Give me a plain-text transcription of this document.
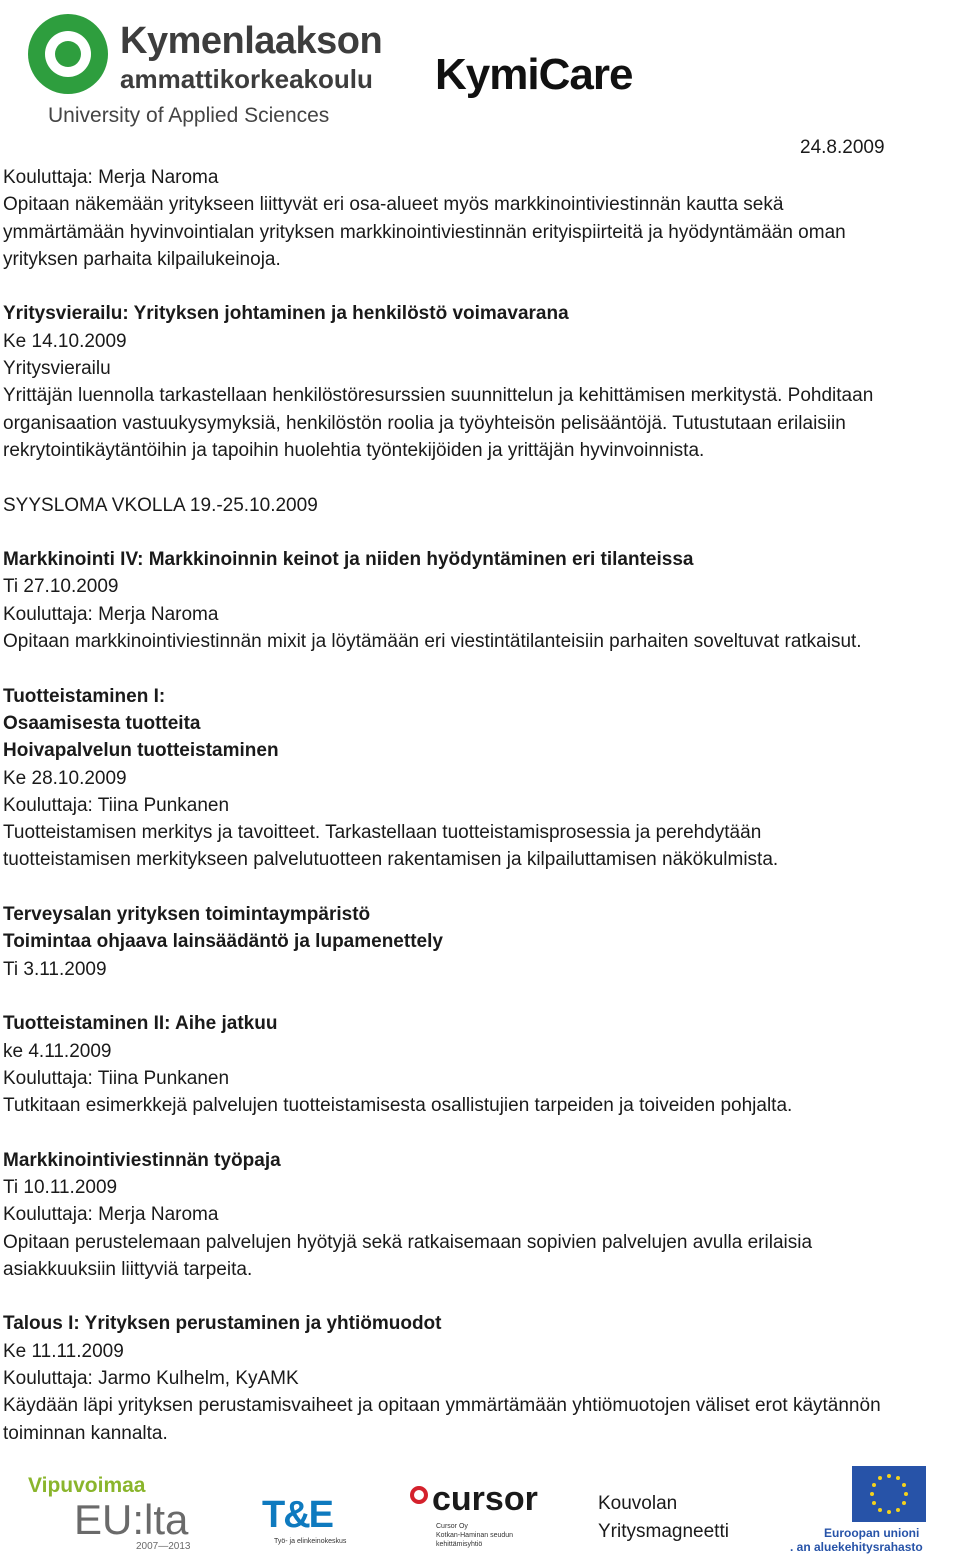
Kymenlaakson
ammattikorkeakoulu
University of Applied Sciences
KymiCare
24.8.2009

Kouluttaja: Merja Naroma

Opitaan näkemään yritykseen liittyvät eri osa-alueet myös markkinointiviestinnän kautta sekä

ymmärtämään hyvinvointialan yrityksen markkinointiviestinnän erityispiirteitä ja hyödyntämään oman

yrityksen parhaita kilpailukeinoja.

Yritysvierailu: Yrityksen johtaminen ja henkilöstö voimavarana

Ke 14.10.2009

Yritysvierailu

Yrittäjän luennolla tarkastellaan henkilöstöresurssien suunnittelun ja kehittämisen merkitystä. Pohditaan

organisaation vastuukysymyksiä, henkilöstön roolia ja työyhteisön pelisääntöjä. Tutustutaan erilaisiin

rekrytointikäytäntöihin ja tapoihin huolehtia työntekijöiden ja yrittäjän hyvinvoinnista.

SYYSLOMA VKOLLA 19.-25.10.2009

Markkinointi IV: Markkinoinnin keinot ja niiden hyödyntäminen eri tilanteissa

Ti 27.10.2009

Kouluttaja: Merja Naroma

Opitaan markkinointiviestinnän mixit ja löytämään eri viestintätilanteisiin parhaiten soveltuvat ratkaisut.

Tuotteistaminen I:

Osaamisesta tuotteita

Hoivapalvelun tuotteistaminen

Ke 28.10.2009

Kouluttaja: Tiina Punkanen

Tuotteistamisen merkitys ja tavoitteet. Tarkastellaan tuotteistamisprosessia ja perehdytään

tuotteistamisen merkitykseen palvelutuotteen rakentamisen ja kilpailuttamisen näkökulmista.

Terveysalan yrityksen toimintaympäristö

Toimintaa ohjaava lainsäädäntö ja lupamenettely

Ti 3.11.2009

Tuotteistaminen II: Aihe jatkuu

ke 4.11.2009

Kouluttaja: Tiina Punkanen

Tutkitaan esimerkkejä palvelujen tuotteistamisesta osallistujien tarpeiden ja toiveiden pohjalta.

Markkinointiviestinnän työpaja

Ti 10.11.2009

Kouluttaja: Merja Naroma

Opitaan perustelemaan palvelujen hyötyjä sekä ratkaisemaan sopivien palvelujen avulla erilaisia

asiakkuuksiin liittyviä tarpeita.

Talous I: Yrityksen perustaminen ja yhtiömuodot

Ke 11.11.2009

Kouluttaja: Jarmo Kulhelm, KyAMK

Käydään läpi yrityksen perustamisvaiheet ja opitaan ymmärtämään yhtiömuotojen väliset erot käytännön

toiminnan kannalta.

Vipuvoimaa
EU:lta
2007—2013
T&E
Työ- ja elinkeinokeskus
cursor
Cursor Oy
Kotkan-Haminan seudun
kehittämisyhtiö
Kouvolan
Yritysmagneetti	Euroopan unioni
. an aluekehitysrahasto
